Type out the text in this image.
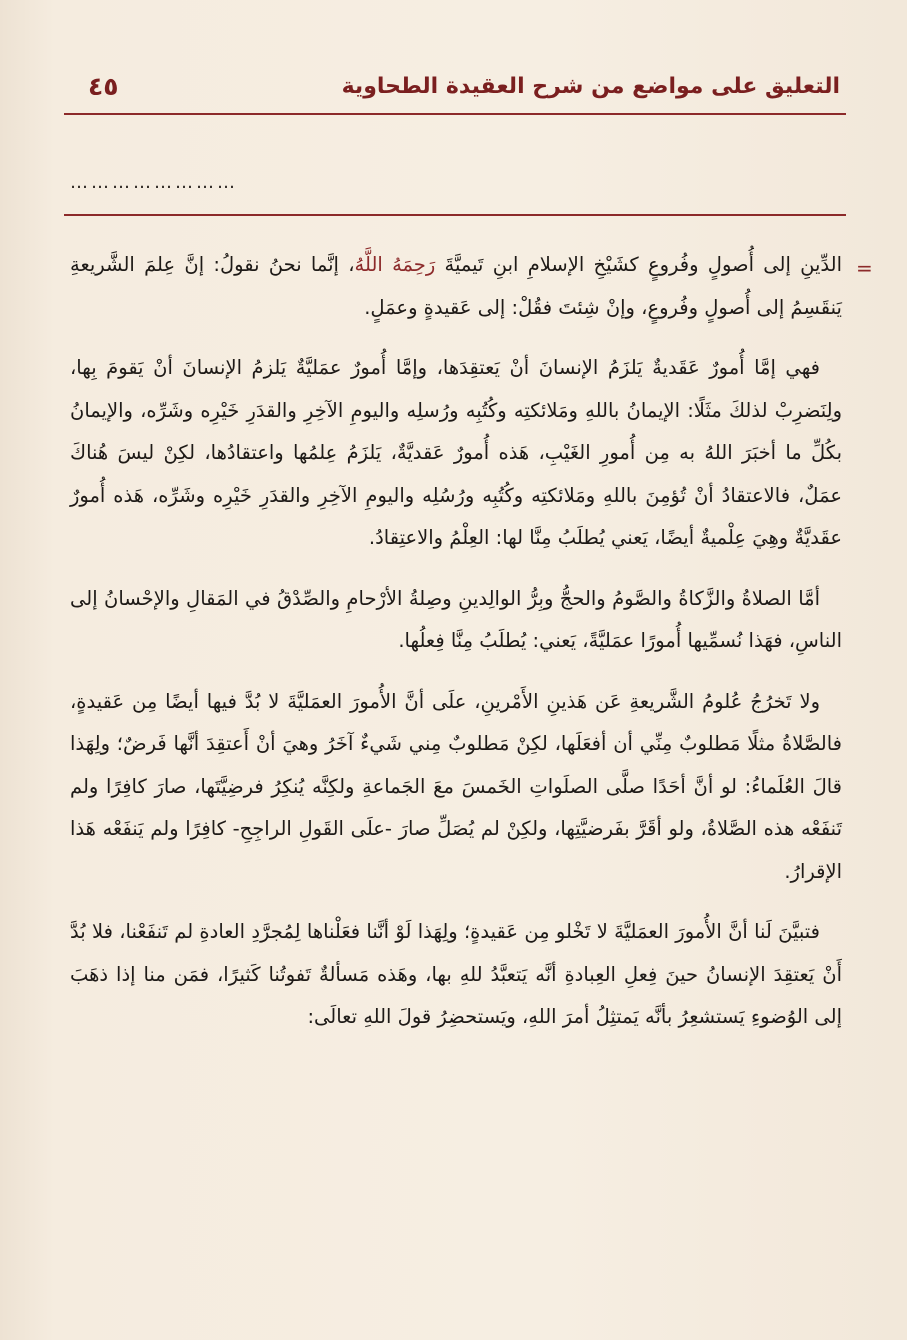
التعليق على مواضع من شرح العقيدة الطحاوية
٤٥
……………………
=

الدِّينِ إلى أُصولٍ وفُروعٍ كشَيْخِ الإسلامِ ابنِ تَيميَّةَ رَحِمَهُ اللَّهُ، إنَّما نحنُ نقولُ: إنَّ عِلمَ الشَّريعةِ يَنقَسِمُ إلى أُصولٍ وفُروعٍ، وإنْ شِئتَ فقُلْ: إلى عَقيدةٍ وعمَلٍ.

فهي إمَّا أُمورٌ عَقَديةٌ يَلزَمُ الإنسانَ أنْ يَعتقِدَها، وإمَّا أُمورٌ عمَليَّةٌ يَلزمُ الإنسانَ أنْ يَقومَ بِها، ولِنَضرِبْ لذلكَ مثَلًا: الإيمانُ باللهِ ومَلائكتِه وكُتُبِه ورُسلِه واليومِ الآخِرِ والقدَرِ خَيْرِه وشَرِّه، والإيمانُ بكُلِّ ما أخبَرَ اللهُ به مِن أُمورِ الغَيْبِ، هَذه أُمورٌ عَقديَّةٌ، يَلزَمُ عِلمُها واعتقادُها، لكِنْ ليسَ هُناكَ عمَلٌ، فالاعتقادُ أنْ تُؤمِنَ باللهِ ومَلائكتِه وكُتُبِه ورُسُلِه واليومِ الآخِرِ والقدَرِ خَيْرِه وشَرِّه، هَذه أُمورٌ عقَديَّةٌ وهِيَ عِلْميةٌ أيضًا، يَعني يُطلَبُ مِنَّا لها: العِلْمُ والاعتِقادُ.

أمَّا الصلاةُ والزَّكاةُ والصَّومُ والحجُّ وبِرُّ الوالِدينِ وصِلةُ الأرْحامِ والصِّدْقُ في المَقالِ والإحْسانُ إلى الناسِ، فهَذا نُسمِّيها أُمورًا عمَليَّةً، يَعني: يُطلَبُ مِنَّا فِعلُها.

ولا تَخرُجُ عُلومُ الشَّريعةِ عَن هَذينِ الأَمْرينِ، علَى أنَّ الأُمورَ العمَليَّةَ لا بُدَّ فيها أيضًا مِن عَقيدةٍ، فالصَّلاةُ مثلًا مَطلوبٌ مِنِّي أن أفعَلَها، لكِنْ مَطلوبٌ مِني شَيءٌ آخَرُ وهيَ أنْ أَعتقِدَ أنَّها فَرضٌ؛ ولِهَذا قالَ العُلَماءُ: لو أنَّ أحَدًا صلَّى الصلَواتِ الخَمسَ معَ الجَماعةِ ولكِنَّه يُنكِرُ فرضِيَّتَها، صارَ كافِرًا ولم تَنفَعْه هذه الصَّلاةُ، ولو أقَرَّ بفَرضيَّتِها، ولكِنْ لم يُصَلِّ صارَ -علَى القَولِ الراجِحِ- كافِرًا ولم يَنفَعْه هَذا الإقرارُ.

فتبيَّنَ لَنا أنَّ الأُمورَ العمَليَّةَ لا تَخْلو مِن عَقيدةٍ؛ ولِهَذا لَوْ أنَّنا فعَلْناها لِمُجرَّدِ العادةِ لم تَنفَعْنا، فلا بُدَّ أَنْ يَعتقِدَ الإنسانُ حينَ فِعلِ العِبادةِ أنَّه يَتعبَّدُ للهِ بها، وهَذه مَسألةٌ تَفوتُنا كَثيرًا، فمَن منا إذا ذهَبَ إلى الوُضوءِ يَستشعِرُ بأنَّه يَمتثِلُ أمرَ اللهِ، ويَستحضِرُ قولَ اللهِ تعالَى:
